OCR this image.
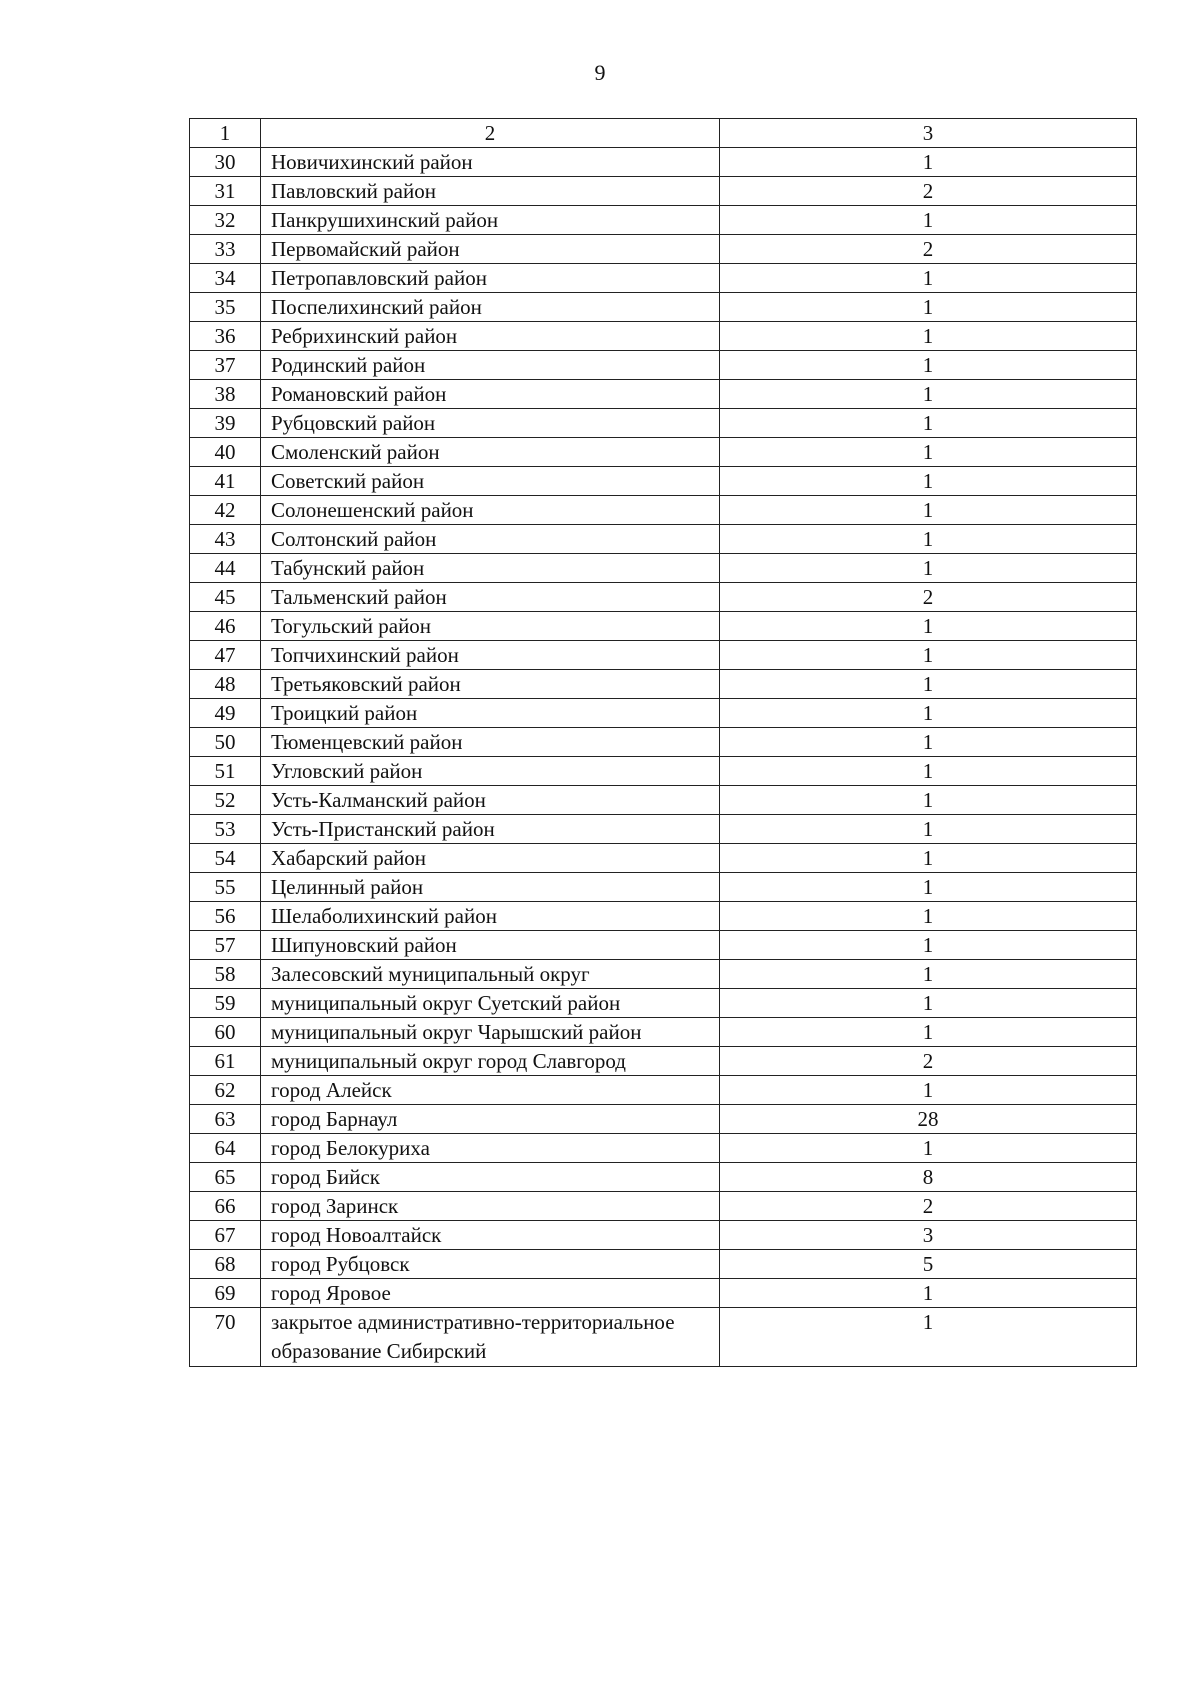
9
1	2	3
30	Новичихинский район	1
31	Павловский район	2
32	Панкрушихинский район	1
33	Первомайский район	2
34	Петропавловский район	1
35	Поспелихинский район	1
36	Ребрихинский район	1
37	Родинский район	1
38	Романовский район	1
39	Рубцовский район	1
40	Смоленский район	1
41	Советский район	1
42	Солонешенский район	1
43	Солтонский район	1
44	Табунский район	1
45	Тальменский район	2
46	Тогульский район	1
47	Топчихинский район	1
48	Третьяковский район	1
49	Троицкий район	1
50	Тюменцевский район	1
51	Угловский район	1
52	Усть-Калманский район	1
53	Усть-Пристанский район	1
54	Хабарский район	1
55	Целинный район	1
56	Шелаболихинский район	1
57	Шипуновский район	1
58	Залесовский муниципальный округ	1
59	муниципальный округ Суетский район	1
60	муниципальный округ Чарышский район	1
61	муниципальный округ город Славгород	2
62	город Алейск	1
63	город Барнаул	28
64	город Белокуриха	1
65	город Бийск	8
66	город Заринск	2
67	город Новоалтайск	3
68	город Рубцовск	5
69	город Яровое	1
70	закрытое административно-территориальное образование Сибирский	1
